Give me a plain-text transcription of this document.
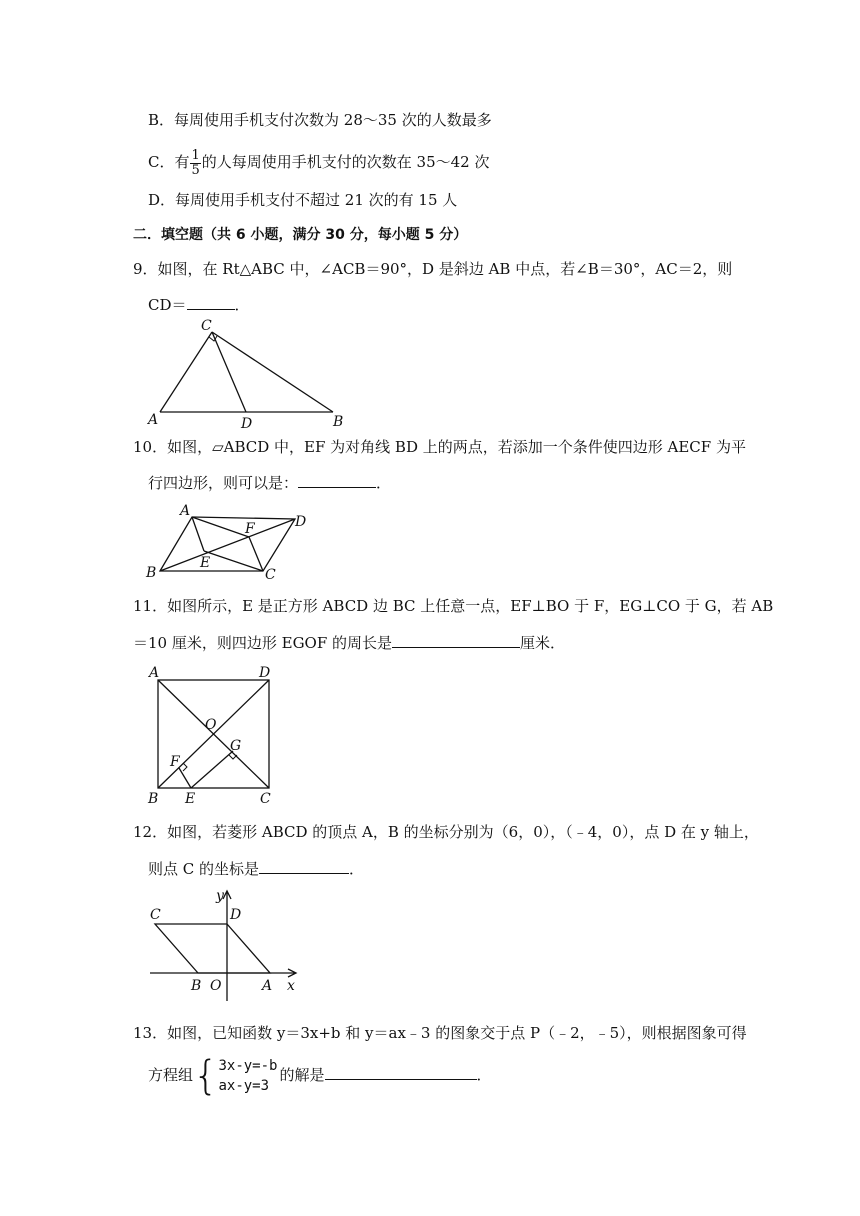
B．每周使用手机支付次数为 28～35 次的人数最多
C．有 $\frac{1}{5}$ 的人每周使用手机支付的次数在 35～42 次
D．每周使用手机支付不超过 21 次的有 15 人
二．填空题（共 6 小题，满分 30 分，每小题 5 分）
9．如图，在 Rt△ABC 中，∠ACB＝90°，D 是斜边 AB 中点，若∠B＝30°，AC＝2，则
CD＝	．
C
A	D	B
10．如图，▱ABCD 中，EF 为对角线 BD 上的两点，若添加一个条件使四边形 AECF 为平
行四边形，则可以是：	．
A
F	D
B
E
C
11．如图所示，E 是正方形 ABCD 边 BC 上任意一点，EF⊥BO 于 F，EG⊥CO 于 G，若 AB
＝10 厘米，则四边形 EGOF 的周长是	厘米．
A	D
O
G
F
B E	C
12．如图，若菱形 ABCD 的顶点 A，B 的坐标分别为（6，0），（﹣4，0），点 D 在 y 轴上，
则点 C 的坐标是	．
y
C	D
B O	A x
13．如图，已知函数 y＝3x+b 和 y＝ax﹣3 的图象交于点 P（﹣2，﹣5），则根据图象可得
方程组{ 3x-y=-b
ax-y=3
的解是	．
